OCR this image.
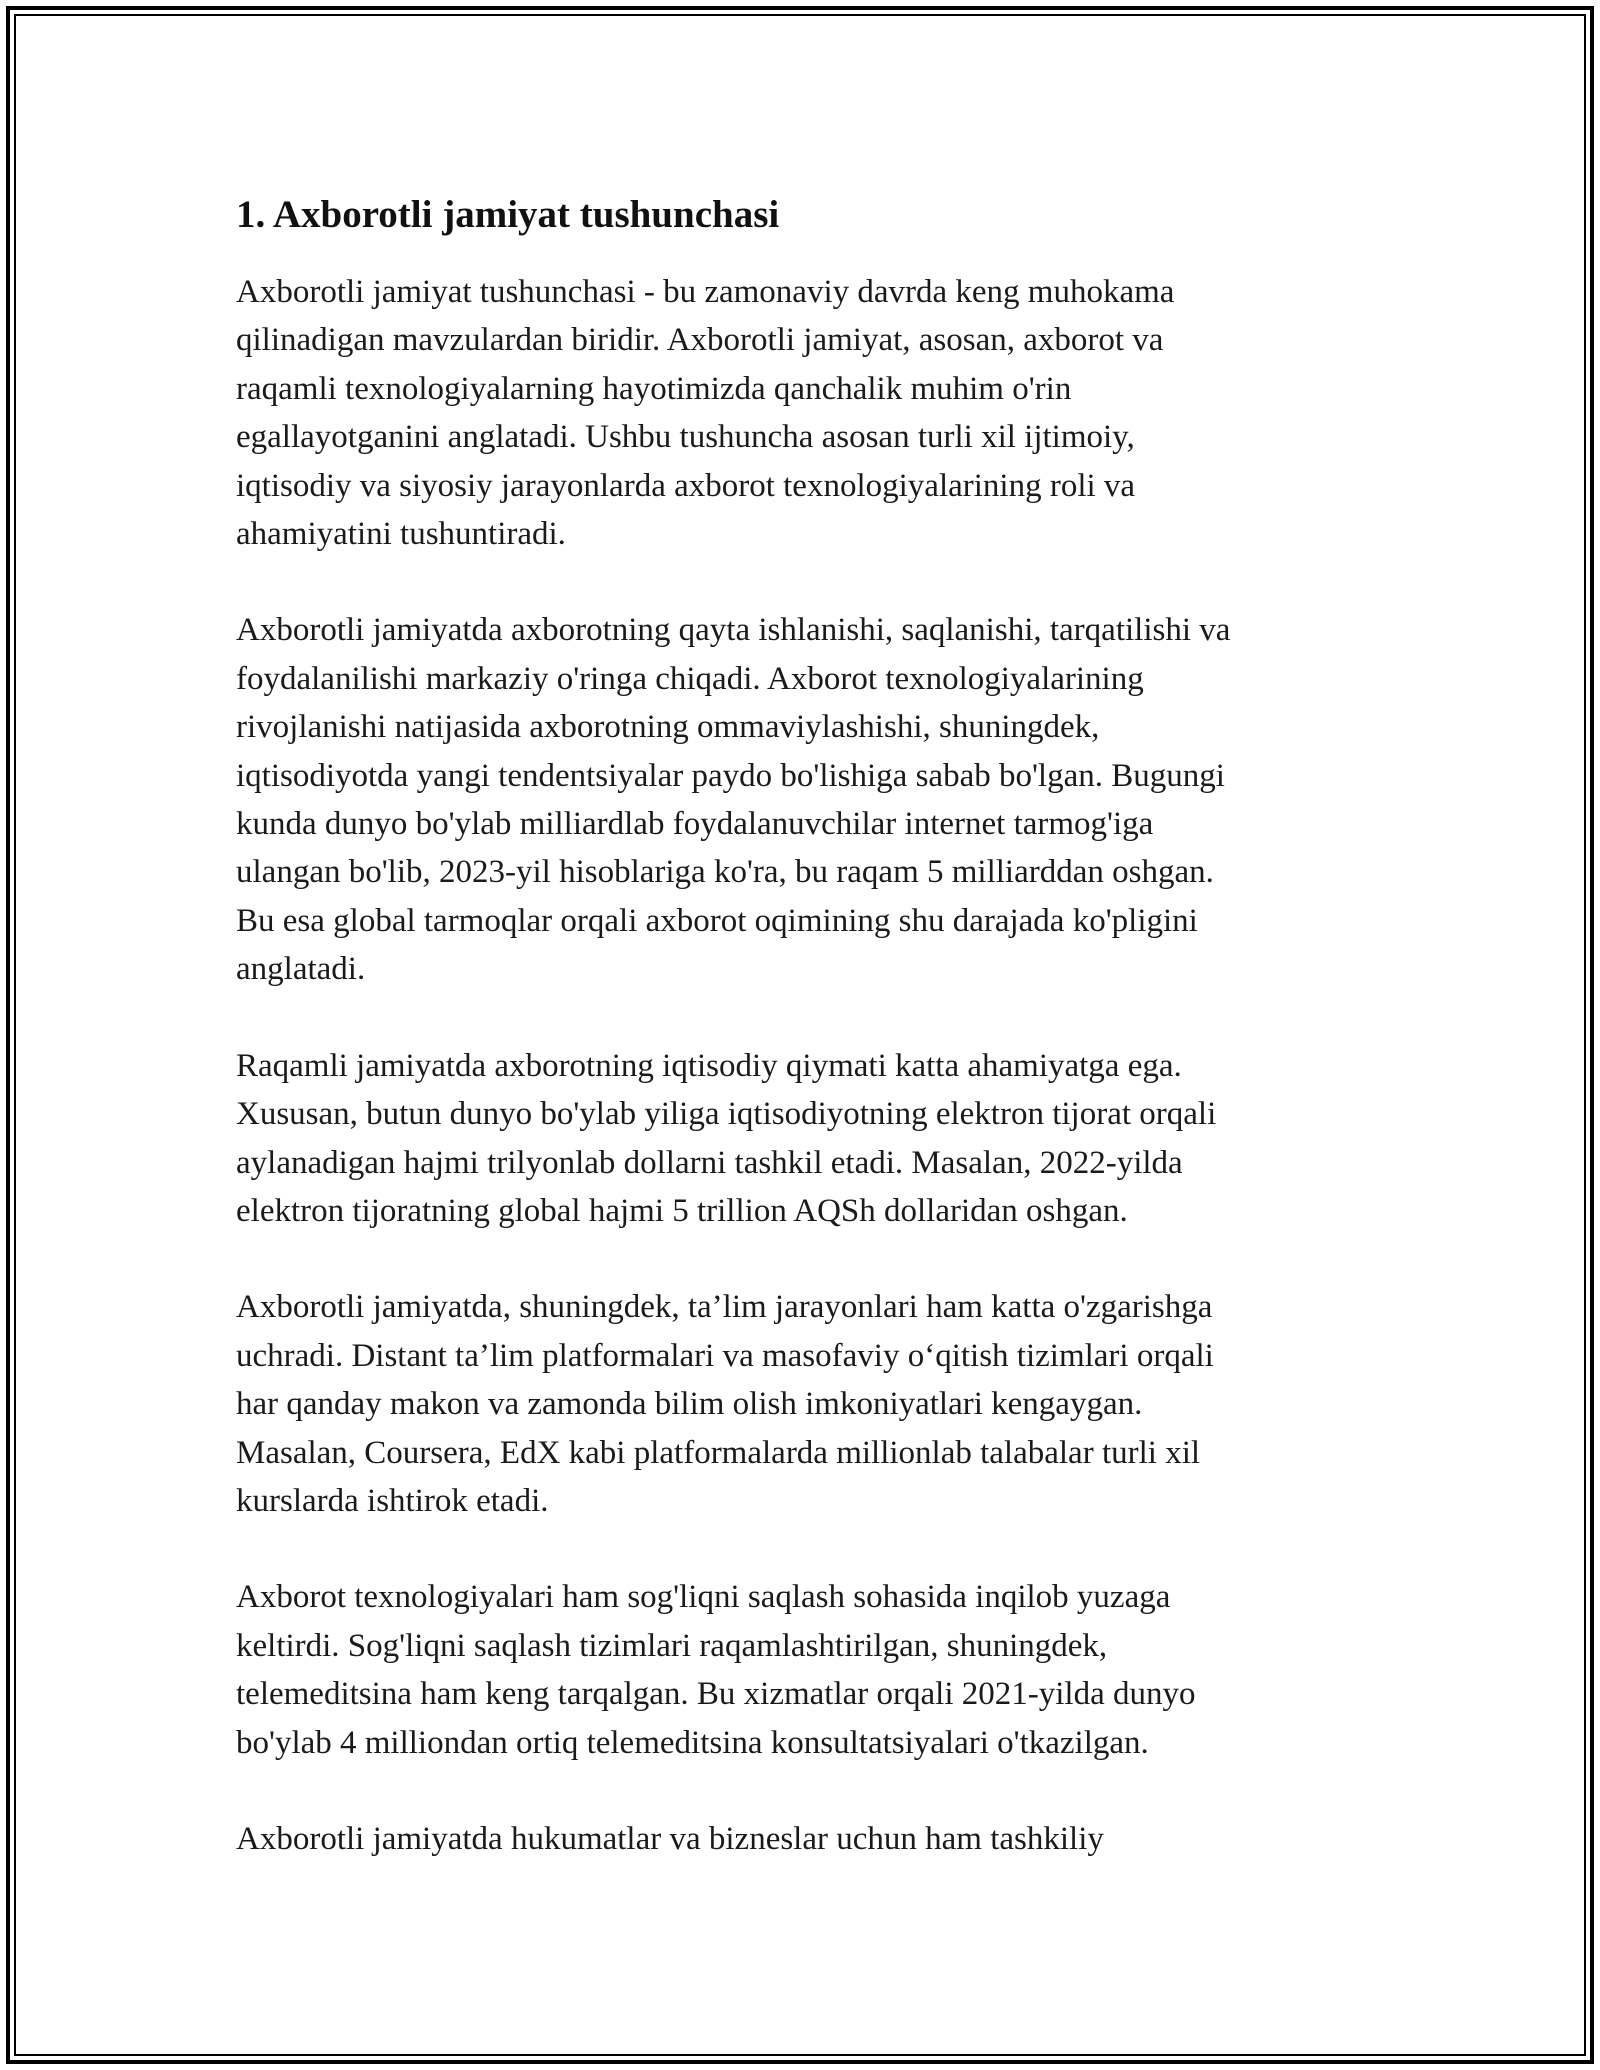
1. Axborotli jamiyat tushunchasi

Axborotli jamiyat tushunchasi - bu zamonaviy davrda keng muhokama
qilinadigan mavzulardan biridir. Axborotli jamiyat, asosan, axborot va
raqamli texnologiyalarning hayotimizda qanchalik muhim o'rin
egallayotganini anglatadi. Ushbu tushuncha asosan turli xil ijtimoiy,
iqtisodiy va siyosiy jarayonlarda axborot texnologiyalarining roli va
ahamiyatini tushuntiradi.

Axborotli jamiyatda axborotning qayta ishlanishi, saqlanishi, tarqatilishi va
foydalanilishi markaziy o'ringa chiqadi. Axborot texnologiyalarining
rivojlanishi natijasida axborotning ommaviylashishi, shuningdek,
iqtisodiyotda yangi tendentsiyalar paydo bo'lishiga sabab bo'lgan. Bugungi
kunda dunyo bo'ylab milliardlab foydalanuvchilar internet tarmog'iga
ulangan bo'lib, 2023-yil hisoblariga ko'ra, bu raqam 5 milliarddan oshgan.
Bu esa global tarmoqlar orqali axborot oqimining shu darajada ko'pligini
anglatadi.

Raqamli jamiyatda axborotning iqtisodiy qiymati katta ahamiyatga ega.
Xususan, butun dunyo bo'ylab yiliga iqtisodiyotning elektron tijorat orqali
aylanadigan hajmi trilyonlab dollarni tashkil etadi. Masalan, 2022-yilda
elektron tijoratning global hajmi 5 trillion AQSh dollaridan oshgan.

Axborotli jamiyatda, shuningdek, ta’lim jarayonlari ham katta o'zgarishga
uchradi. Distant ta’lim platformalari va masofaviy o‘qitish tizimlari orqali
har qanday makon va zamonda bilim olish imkoniyatlari kengaygan.
Masalan, Coursera, EdX kabi platformalarda millionlab talabalar turli xil
kurslarda ishtirok etadi.

Axborot texnologiyalari ham sog'liqni saqlash sohasida inqilob yuzaga
keltirdi. Sog'liqni saqlash tizimlari raqamlashtirilgan, shuningdek,
telemeditsina ham keng tarqalgan. Bu xizmatlar orqali 2021-yilda dunyo
bo'ylab 4 milliondan ortiq telemeditsina konsultatsiyalari o'tkazilgan.

Axborotli jamiyatda hukumatlar va bizneslar uchun ham tashkiliy
